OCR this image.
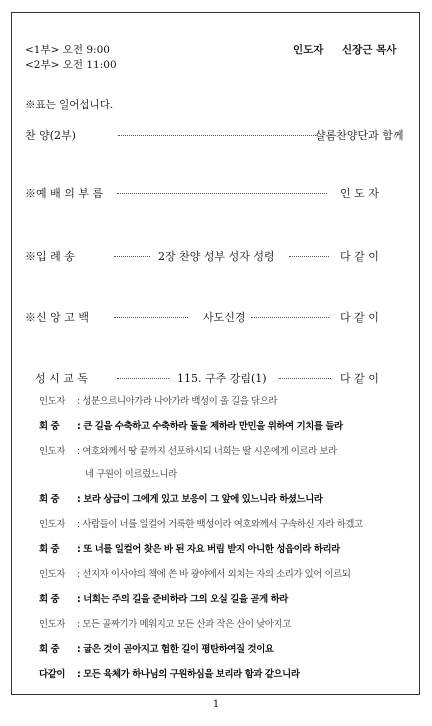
<1부> 오전 9:00
<2부> 오전 11:00
인도자 신장근 목사
※표는 일어섭니다.
찬 양(2부)	샬롬찬양단과 함께
※예 배 의 부 름	인 도 자
※입 례 송	2장 찬양 성부 성자 성령	다 같 이
※신 앙 고 백	사도신경	다 같 이
성 시 교 독	115. 구주 강림(1)	다 같 이
인도자 : 성분으르니아가라 나아가라 백성이 올 길을 닦으라
회 중 : 큰 길을 수축하고 수축하라 돌을 제하라 만민을 위하여 기치를 들라
인도자 : 여호와께서 땅 끝까지 선포하시되 너희는 딸 시온에게 이르라 보라
네 구원이 이르렀느니라
회 중 : 보라 상급이 그에게 있고 보응이 그 앞에 있느니라 하셨느니라
인도자 : 사람들이 너를 일컬어 거룩한 백성이라 여호와께서 구속하신 자라 하겠고
회 중 : 또 너를 일컬어 찾은 바 된 자요 버림 받지 아니한 성읍이라 하리라
인도자 : 선지자 이사야의 책에 쓴 바 광야에서 외치는 자의 소리가 있어 이르되
회 중 : 너희는 주의 길을 준비하라 그의 오실 길을 곧게 하라
인도자 : 모든 골짜기가 메워지고 모든 산과 작은 산이 낮아지고
회 중 : 굽은 것이 곧아지고 험한 길이 평탄하여질 것이요
다같이 : 모든 육체가 하나님의 구원하심을 보리라 함과 같으니라
1
